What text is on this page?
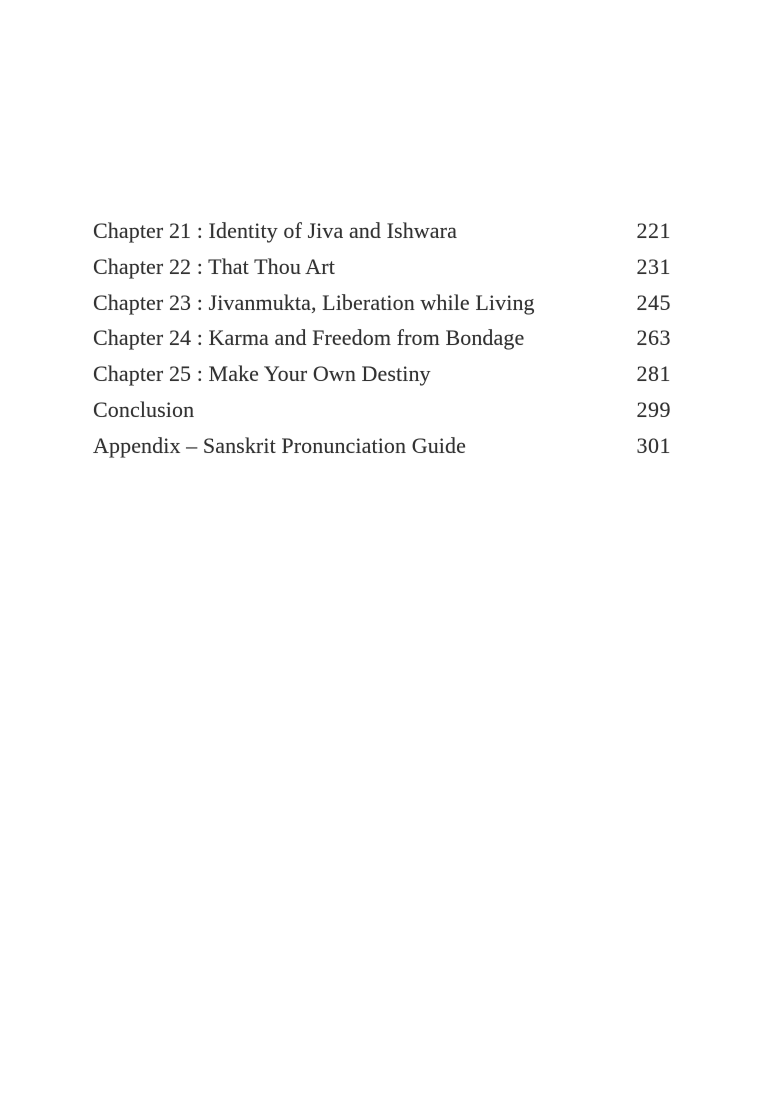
Chapter 21 : Identity of Jiva and Ishwara	221
Chapter 22 : That Thou Art	231
Chapter 23 : Jivanmukta, Liberation while Living	245
Chapter 24 : Karma and Freedom from Bondage	263
Chapter 25 : Make Your Own Destiny	281
Conclusion	299
Appendix – Sanskrit Pronunciation Guide	301
